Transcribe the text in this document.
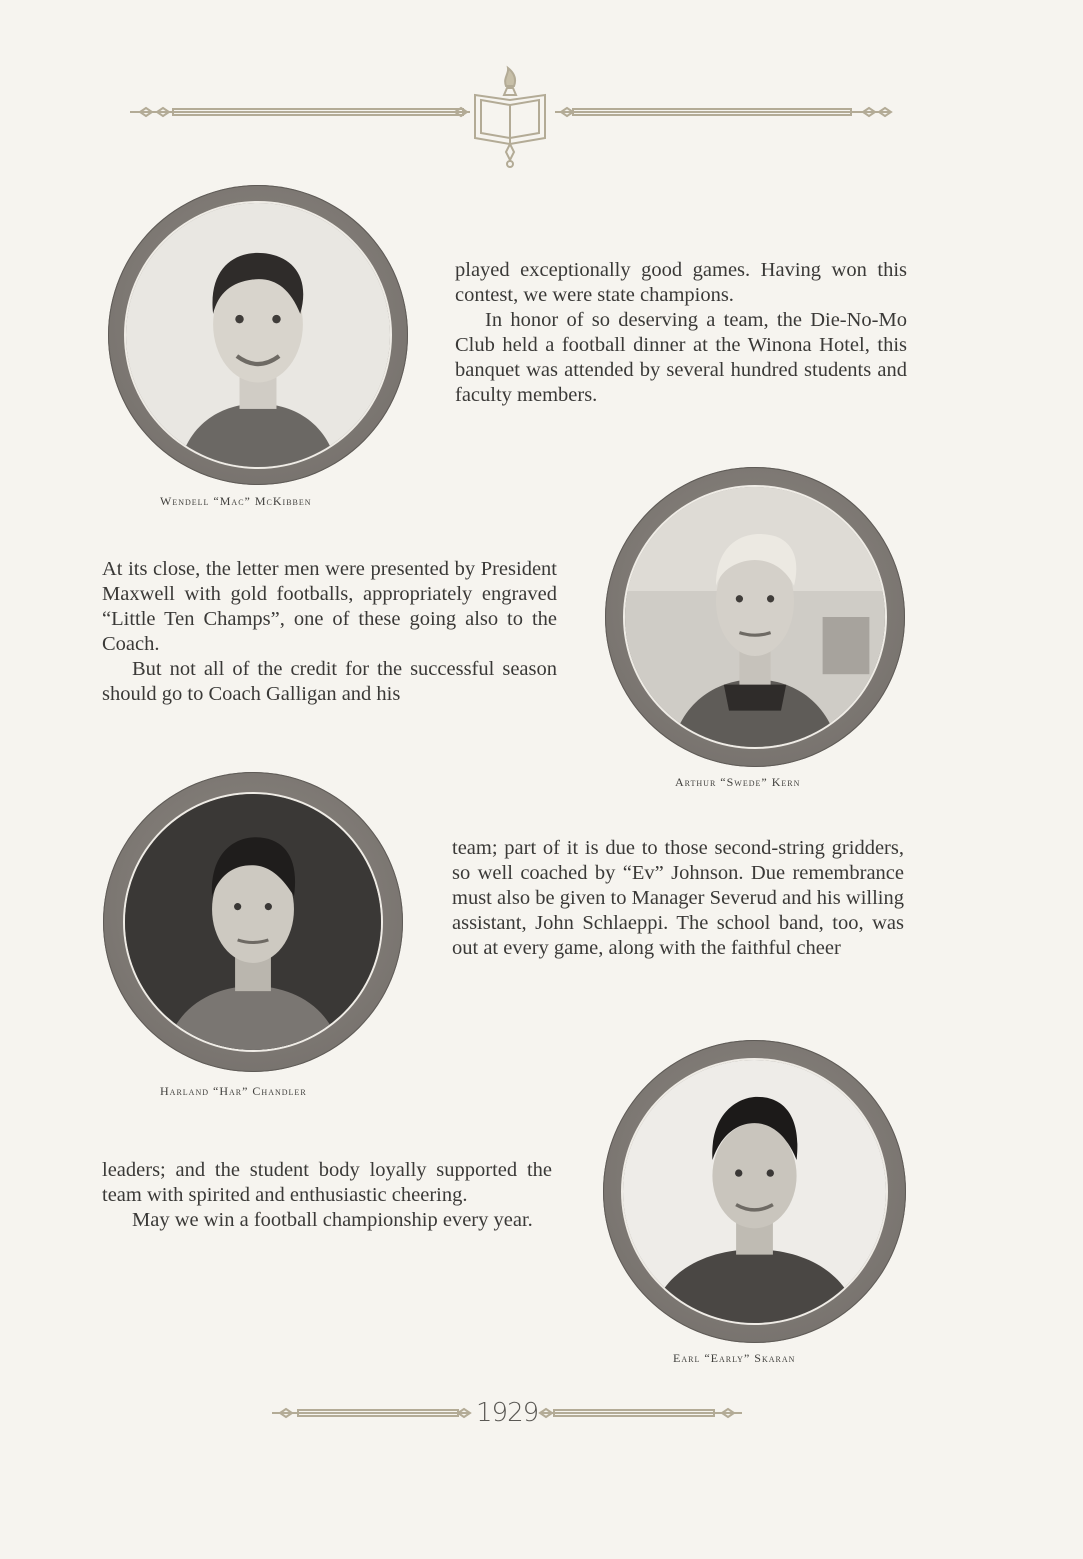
Wendell “Mac” McKibben

played exceptionally good games. Having won this contest, we were state champions.

In honor of so deserving a team, the Die-No-Mo Club held a football dinner at the Winona Hotel, this banquet was attended by several hundred students and faculty members.

Arthur “Swede” Kern

At its close, the letter men were presented by President Maxwell with gold footballs, appropriately engraved “Little Ten Champs”, one of these going also to the Coach.

But not all of the credit for the successful season should go to Coach Galligan and his

Harland “Har” Chandler

team; part of it is due to those second-string gridders, so well coached by “Ev” Johnson. Due remembrance must also be given to Manager Severud and his willing assistant, John Schlaeppi. The school band, too, was out at every game, along with the faithful cheer

Earl “Early” Skaran

leaders; and the student body loyally supported the team with spirited and enthusiastic cheering.

May we win a football championship every year.

1929
